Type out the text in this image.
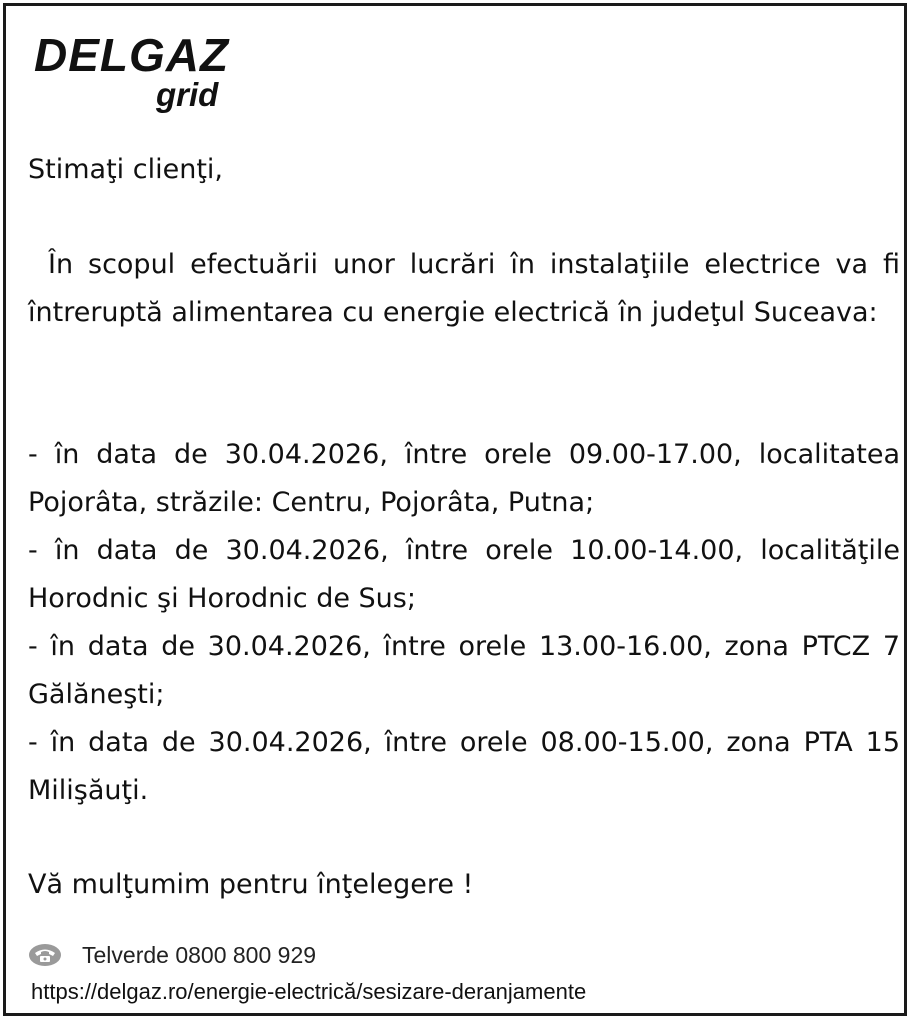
DELGAZ
grid
Stimaţi clienţi,
În scopul efectuării unor lucrări în instalaţiile electrice va fi întreruptă alimentarea cu energie electrică în judeţul Suceava:

- în data de 30.04.2026, între orele 09.00-17.00, localitatea Pojorâta, străzile: Centru, Pojorâta, Putna;

- în data de 30.04.2026, între orele 10.00-14.00, localităţile Horodnic şi Horodnic de Sus;

- în data de 30.04.2026, între orele 13.00-16.00, zona PTCZ 7 Gălăneşti;

- în data de 30.04.2026, între orele 08.00-15.00, zona PTA 15 Milişăuţi.

Vă mulţumim pentru înţelegere !
Telverde 0800 800 929
https://delgaz.ro/energie-electrică/sesizare-deranjamente
